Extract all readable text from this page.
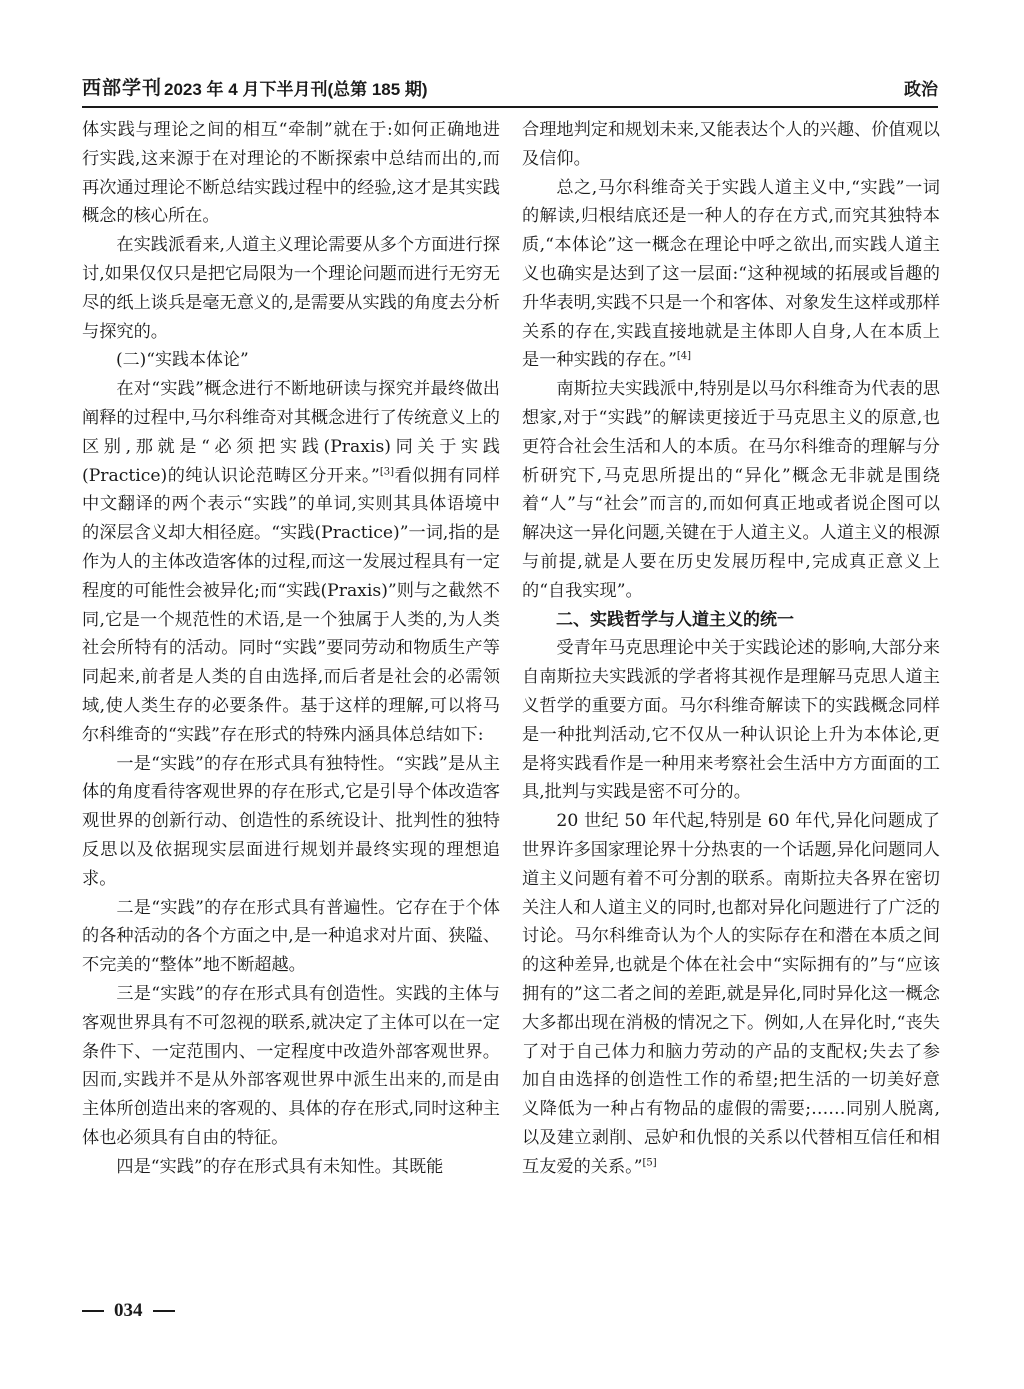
西部学刊 2023 年 4 月下半月刊(总第 185 期)	政治

体实践与理论之间的相互“牵制”就在于:如何正确地进行实践,这来源于在对理论的不断探索中总结而出的,而再次通过理论不断总结实践过程中的经验,这才是其实践概念的核心所在。

在实践派看来,人道主义理论需要从多个方面进行探讨,如果仅仅只是把它局限为一个理论问题而进行无穷无尽的纸上谈兵是毫无意义的,是需要从实践的角度去分析与探究的。

(二)“实践本体论”

在对“实践”概念进行不断地研读与探究并最终做出阐释的过程中,马尔科维奇对其概念进行了传统意义上的区别,那就是“必须把实践(Praxis)同关于实践(Practice)的纯认识论范畴区分开来。”[3]看似拥有同样中文翻译的两个表示“实践”的单词,实则其具体语境中的深层含义却大相径庭。“实践(Practice)”一词,指的是作为人的主体改造客体的过程,而这一发展过程具有一定程度的可能性会被异化;而“实践(Praxis)”则与之截然不同,它是一个规范性的术语,是一个独属于人类的,为人类社会所特有的活动。同时“实践”要同劳动和物质生产等同起来,前者是人类的自由选择,而后者是社会的必需领域,使人类生存的必要条件。基于这样的理解,可以将马尔科维奇的“实践”存在形式的特殊内涵具体总结如下:

一是“实践”的存在形式具有独特性。“实践”是从主体的角度看待客观世界的存在形式,它是引导个体改造客观世界的创新行动、创造性的系统设计、批判性的独特反思以及依据现实层面进行规划并最终实现的理想追求。

二是“实践”的存在形式具有普遍性。它存在于个体的各种活动的各个方面之中,是一种追求对片面、狭隘、不完美的“整体”地不断超越。

三是“实践”的存在形式具有创造性。实践的主体与客观世界具有不可忽视的联系,就决定了主体可以在一定条件下、一定范围内、一定程度中改造外部客观世界。因而,实践并不是从外部客观世界中派生出来的,而是由主体所创造出来的客观的、具体的存在形式,同时这种主体也必须具有自由的特征。

四是“实践”的存在形式具有未知性。其既能

合理地判定和规划未来,又能表达个人的兴趣、价值观以及信仰。

总之,马尔科维奇关于实践人道主义中,“实践”一词的解读,归根结底还是一种人的存在方式,而究其独特本质,“本体论”这一概念在理论中呼之欲出,而实践人道主义也确实是达到了这一层面:“这种视域的拓展或旨趣的升华表明,实践不只是一个和客体、对象发生这样或那样关系的存在,实践直接地就是主体即人自身,人在本质上是一种实践的存在。”[4]

南斯拉夫实践派中,特别是以马尔科维奇为代表的思想家,对于“实践”的解读更接近于马克思主义的原意,也更符合社会生活和人的本质。在马尔科维奇的理解与分析研究下,马克思所提出的“异化”概念无非就是围绕着“人”与“社会”而言的,而如何真正地或者说企图可以解决这一异化问题,关键在于人道主义。人道主义的根源与前提,就是人要在历史发展历程中,完成真正意义上的“自我实现”。

二、实践哲学与人道主义的统一

受青年马克思理论中关于实践论述的影响,大部分来自南斯拉夫实践派的学者将其视作是理解马克思人道主义哲学的重要方面。马尔科维奇解读下的实践概念同样是一种批判活动,它不仅从一种认识论上升为本体论,更是将实践看作是一种用来考察社会生活中方方面面的工具,批判与实践是密不可分的。

20 世纪 50 年代起,特别是 60 年代,异化问题成了世界许多国家理论界十分热衷的一个话题,异化问题同人道主义问题有着不可分割的联系。南斯拉夫各界在密切关注人和人道主义的同时,也都对异化问题进行了广泛的讨论。马尔科维奇认为个人的实际存在和潜在本质之间的这种差异,也就是个体在社会中“实际拥有的”与“应该拥有的”这二者之间的差距,就是异化,同时异化这一概念大多都出现在消极的情况之下。例如,人在异化时,“丧失了对于自己体力和脑力劳动的产品的支配权;失去了参加自由选择的创造性工作的希望;把生活的一切美好意义降低为一种占有物品的虚假的需要;……同别人脱离,以及建立剥削、忌妒和仇恨的关系以代替相互信任和相互友爱的关系。”[5]

034
